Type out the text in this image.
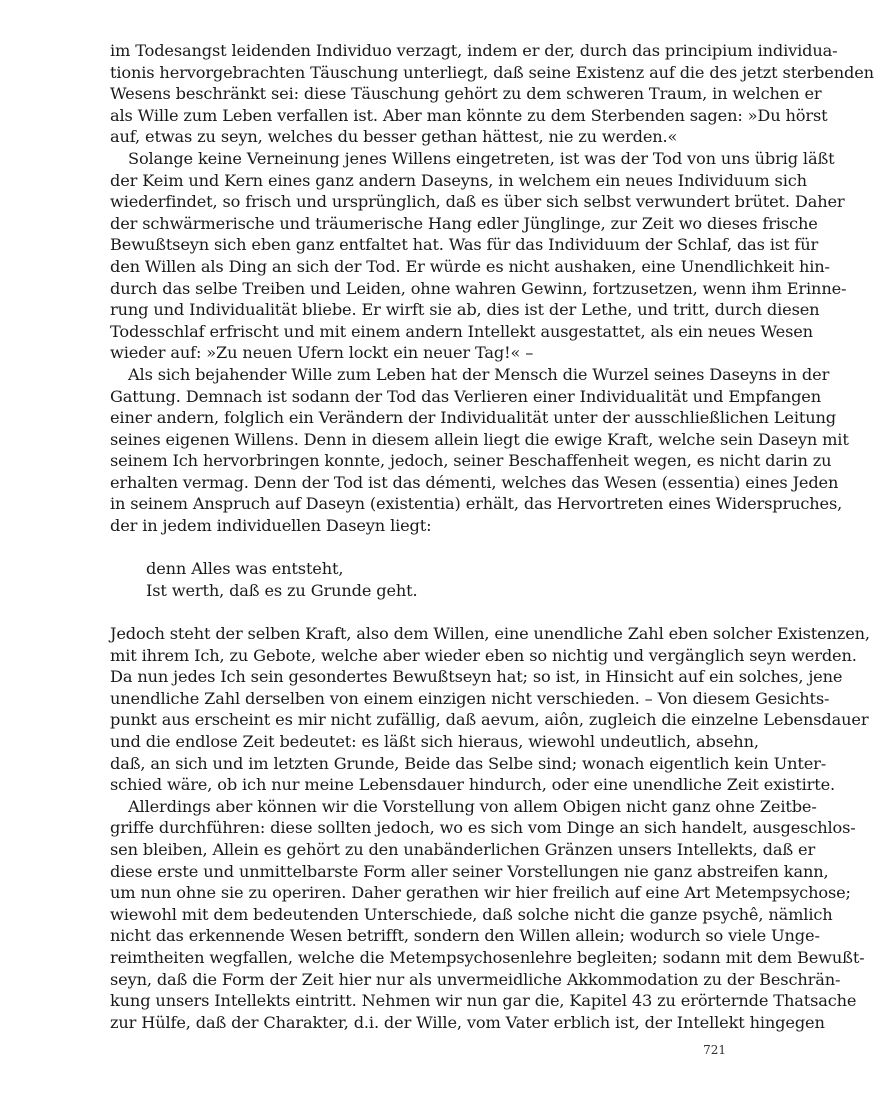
im Todesangst leidenden Individuo verzagt, indem er der, durch das principium individua-
tionis hervorgebrachten Täuschung unterliegt, daß seine Existenz auf die des jetzt sterbenden
Wesens beschränkt sei: diese Täuschung gehört zu dem schweren Traum, in welchen er
als Wille zum Leben verfallen ist. Aber man könnte zu dem Sterbenden sagen: »Du hörst
auf, etwas zu seyn, welches du besser gethan hättest, nie zu werden.«
Solange keine Verneinung jenes Willens eingetreten, ist was der Tod von uns übrig läßt
der Keim und Kern eines ganz andern Daseyns, in welchem ein neues Individuum sich
wiederfindet, so frisch und ursprünglich, daß es über sich selbst verwundert brütet. Daher
der schwärmerische und träumerische Hang edler Jünglinge, zur Zeit wo dieses frische
Bewußtseyn sich eben ganz entfaltet hat. Was für das Individuum der Schlaf, das ist für
den Willen als Ding an sich der Tod. Er würde es nicht aushaken, eine Unendlichkeit hin-
durch das selbe Treiben und Leiden, ohne wahren Gewinn, fortzusetzen, wenn ihm Erinne-
rung und Individualität bliebe. Er wirft sie ab, dies ist der Lethe, und tritt, durch diesen
Todesschlaf erfrischt und mit einem andern Intellekt ausgestattet, als ein neues Wesen
wieder auf: »Zu neuen Ufern lockt ein neuer Tag!« –
Als sich bejahender Wille zum Leben hat der Mensch die Wurzel seines Daseyns in der
Gattung. Demnach ist sodann der Tod das Verlieren einer Individualität und Empfangen
einer andern, folglich ein Verändern der Individualität unter der ausschließlichen Leitung
seines eigenen Willens. Denn in diesem allein liegt die ewige Kraft, welche sein Daseyn mit
seinem Ich hervorbringen konnte, jedoch, seiner Beschaffenheit wegen, es nicht darin zu
erhalten vermag. Denn der Tod ist das démenti, welches das Wesen (essentia) eines Jeden
in seinem Anspruch auf Daseyn (existentia) erhält, das Hervortreten eines Widerspruches,
der in jedem individuellen Daseyn liegt:
denn Alles was entsteht,
Ist werth, daß es zu Grunde geht.
Jedoch steht der selben Kraft, also dem Willen, eine unendliche Zahl eben solcher Existenzen,
mit ihrem Ich, zu Gebote, welche aber wieder eben so nichtig und vergänglich seyn werden.
Da nun jedes Ich sein gesondertes Bewußtseyn hat; so ist, in Hinsicht auf ein solches, jene
unendliche Zahl derselben von einem einzigen nicht verschieden. – Von diesem Gesichts-
punkt aus erscheint es mir nicht zufällig, daß aevum, aiôn, zugleich die einzelne Lebensdauer
und die endlose Zeit bedeutet: es läßt sich hieraus, wiewohl undeutlich, absehn,
daß, an sich und im letzten Grunde, Beide das Selbe sind; wonach eigentlich kein Unter-
schied wäre, ob ich nur meine Lebensdauer hindurch, oder eine unendliche Zeit existirte.
Allerdings aber können wir die Vorstellung von allem Obigen nicht ganz ohne Zeitbe-
griffe durchführen: diese sollten jedoch, wo es sich vom Dinge an sich handelt, ausgeschlos-
sen bleiben, Allein es gehört zu den unabänderlichen Gränzen unsers Intellekts, daß er
diese erste und unmittelbarste Form aller seiner Vorstellungen nie ganz abstreifen kann,
um nun ohne sie zu operiren. Daher gerathen wir hier freilich auf eine Art Metempsychose;
wiewohl mit dem bedeutenden Unterschiede, daß solche nicht die ganze psychê, nämlich
nicht das erkennende Wesen betrifft, sondern den Willen allein; wodurch so viele Unge-
reimtheiten wegfallen, welche die Metempsychosenlehre begleiten; sodann mit dem Bewußt-
seyn, daß die Form der Zeit hier nur als unvermeidliche Akkommodation zu der Beschrän-
kung unsers Intellekts eintritt. Nehmen wir nun gar die, Kapitel 43 zu erörternde Thatsache
zur Hülfe, daß der Charakter, d.i. der Wille, vom Vater erblich ist, der Intellekt hingegen
721
